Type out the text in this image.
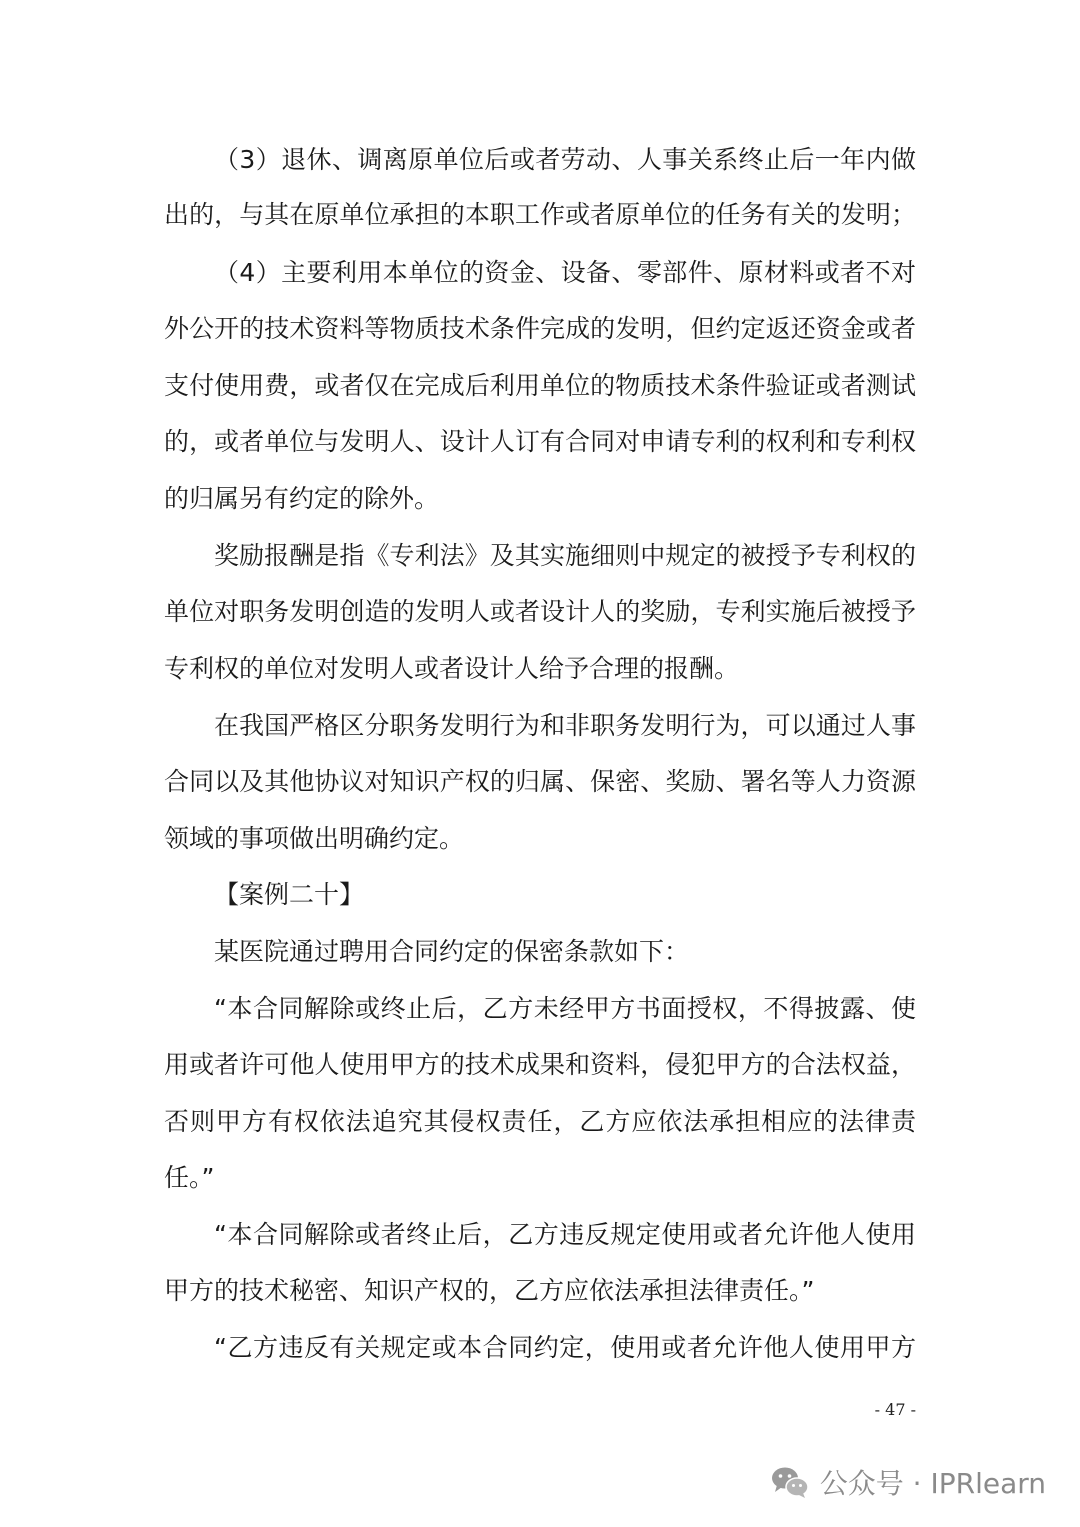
（3）退休、调离原单位后或者劳动、人事关系终止后一年内做
出的，与其在原单位承担的本职工作或者原单位的任务有关的发明；
（4）主要利用本单位的资金、设备、零部件、原材料或者不对
外公开的技术资料等物质技术条件完成的发明，但约定返还资金或者
支付使用费，或者仅在完成后利用单位的物质技术条件验证或者测试
的，或者单位与发明人、设计人订有合同对申请专利的权利和专利权
的归属另有约定的除外。
奖励报酬是指《专利法》及其实施细则中规定的被授予专利权的
单位对职务发明创造的发明人或者设计人的奖励，专利实施后被授予
专利权的单位对发明人或者设计人给予合理的报酬。
在我国严格区分职务发明行为和非职务发明行为，可以通过人事
合同以及其他协议对知识产权的归属、保密、奖励、署名等人力资源
领域的事项做出明确约定。
【案例二十】
某医院通过聘用合同约定的保密条款如下：
“本合同解除或终止后，乙方未经甲方书面授权，不得披露、使
用或者许可他人使用甲方的技术成果和资料，侵犯甲方的合法权益，
否则甲方有权依法追究其侵权责任，乙方应依法承担相应的法律责
任。”
“本合同解除或者终止后，乙方违反规定使用或者允许他人使用
甲方的技术秘密、知识产权的，乙方应依法承担法律责任。”
“乙方违反有关规定或本合同约定，使用或者允许他人使用甲方
- 47 -
公众号 · IPRlearn
